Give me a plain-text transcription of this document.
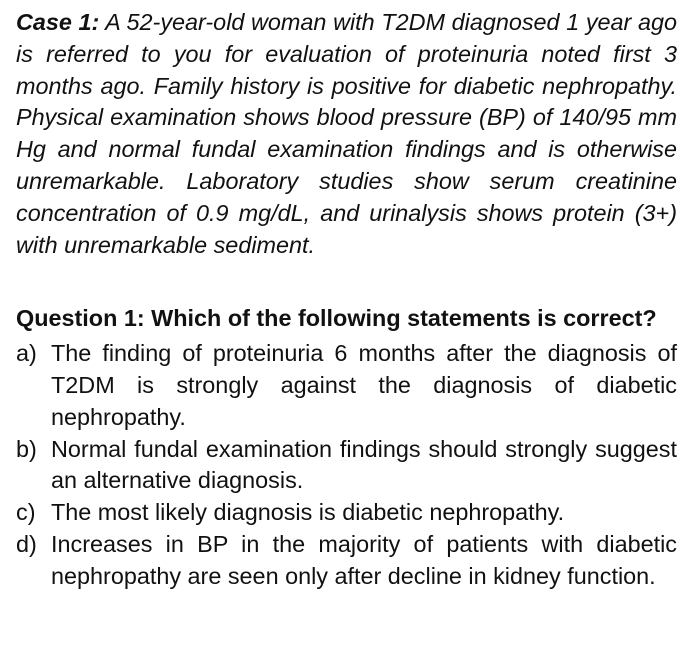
Case 1: A 52-year-old woman with T2DM diagnosed 1 year ago is referred to you for evaluation of proteinuria noted first 3 months ago. Family history is positive for diabetic nephropathy. Physical examination shows blood pressure (BP) of 140/95 mm Hg and normal fundal examination findings and is otherwise unremarkable. Laboratory studies show serum creatinine concentration of 0.9 mg/dL, and urinalysis shows protein (3+) with unremarkable sediment.

Question 1: Which of the following statements is correct?
a) The finding of proteinuria 6 months after the diagnosis of T2DM is strongly against the diagnosis of diabetic nephropathy.
b) Normal fundal examination findings should strongly suggest an alternative diagnosis.
c) The most likely diagnosis is diabetic nephropathy.
d) Increases in BP in the majority of patients with diabetic nephropathy are seen only after decline in kidney function.
